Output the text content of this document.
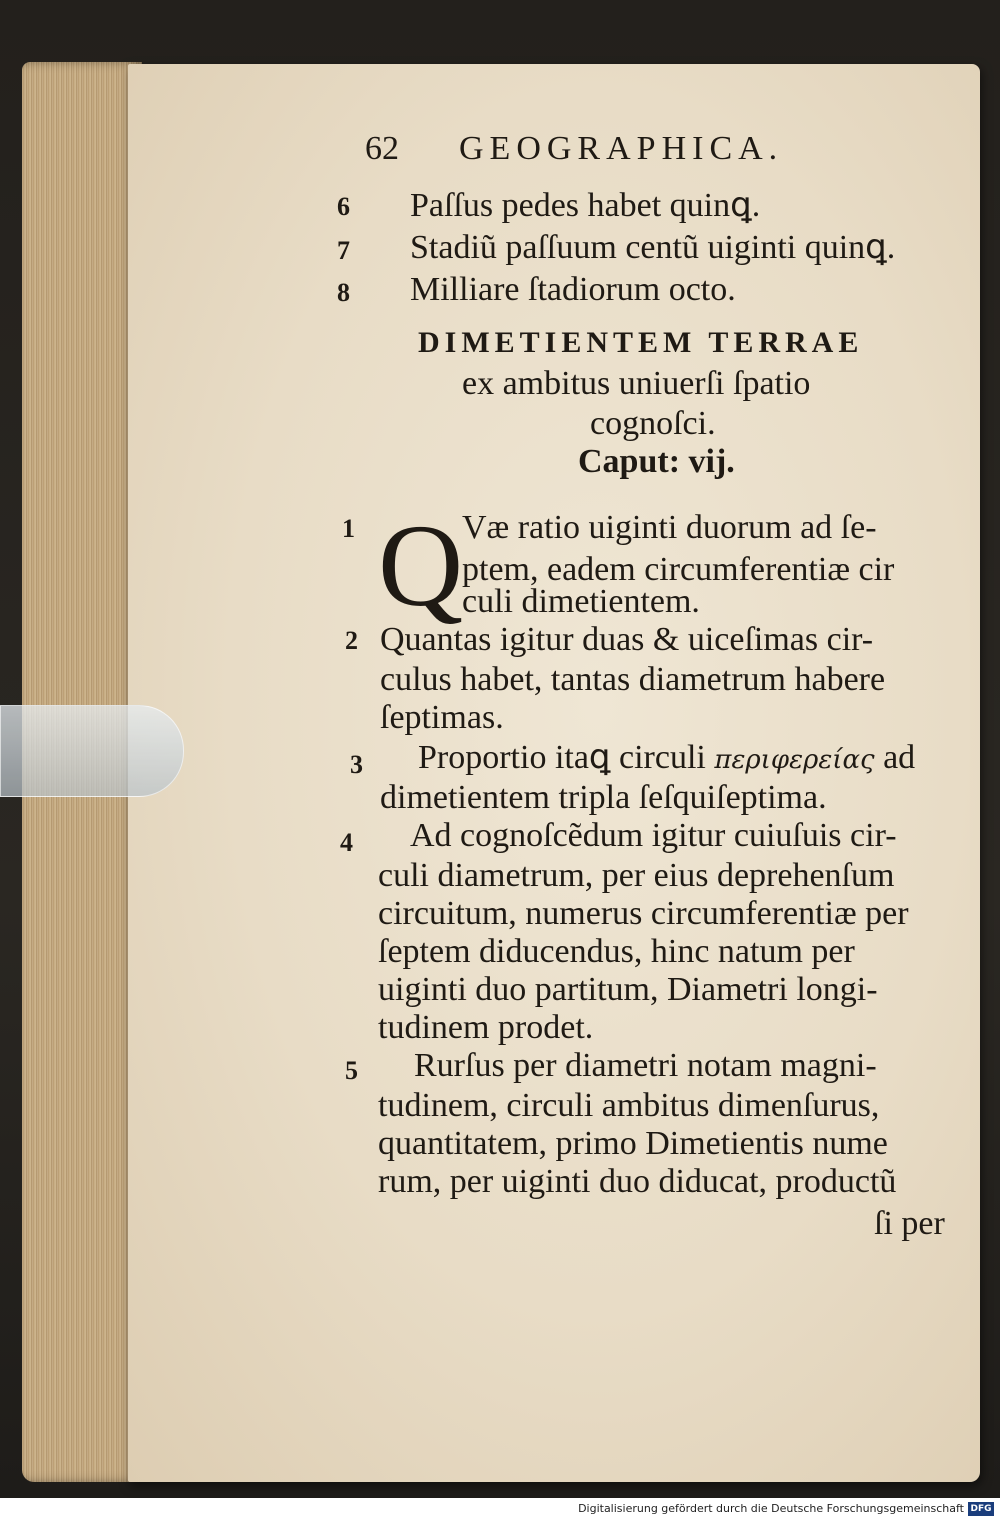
62 GEOGRAPHICA.
6 Paſſus pedes habet quinꝗ.
7 Stadiũ paſſuum centũ uiginti quinꝗ.
8 Milliare ſtadiorum octo.
DIMETIENTEM TERRAE
ex ambitus uniuerſi ſpatio
cognoſci.
Caput: vij.
1 Q
Væ ratio uiginti duorum ad ſe-
ptem, eadem circumferentiæ cir
culi dimetientem.
2 Quantas igitur duas & uiceſimas cir-
culus habet, tantas diametrum habere
ſeptimas.
3 Proportio itaꝗ circuli περιφερείας ad
dimetientem tripla ſeſquiſeptima.
4 Ad cognoſcẽdum igitur cuiuſuis cir-
culi diametrum, per eius deprehenſum
circuitum, numerus circumferentiæ per
ſeptem diducendus, hinc natum per
uiginti duo partitum, Diametri longi-
tudinem prodet.
5 Rurſus per diametri notam magni-
tudinem, circuli ambitus dimenſurus,
quantitatem, primo Dimetientis nume
rum, per uiginti duo diducat, productũ
ſi per
Digitalisierung gefördert durch die Deutsche Forschungsgemeinschaft DFG
